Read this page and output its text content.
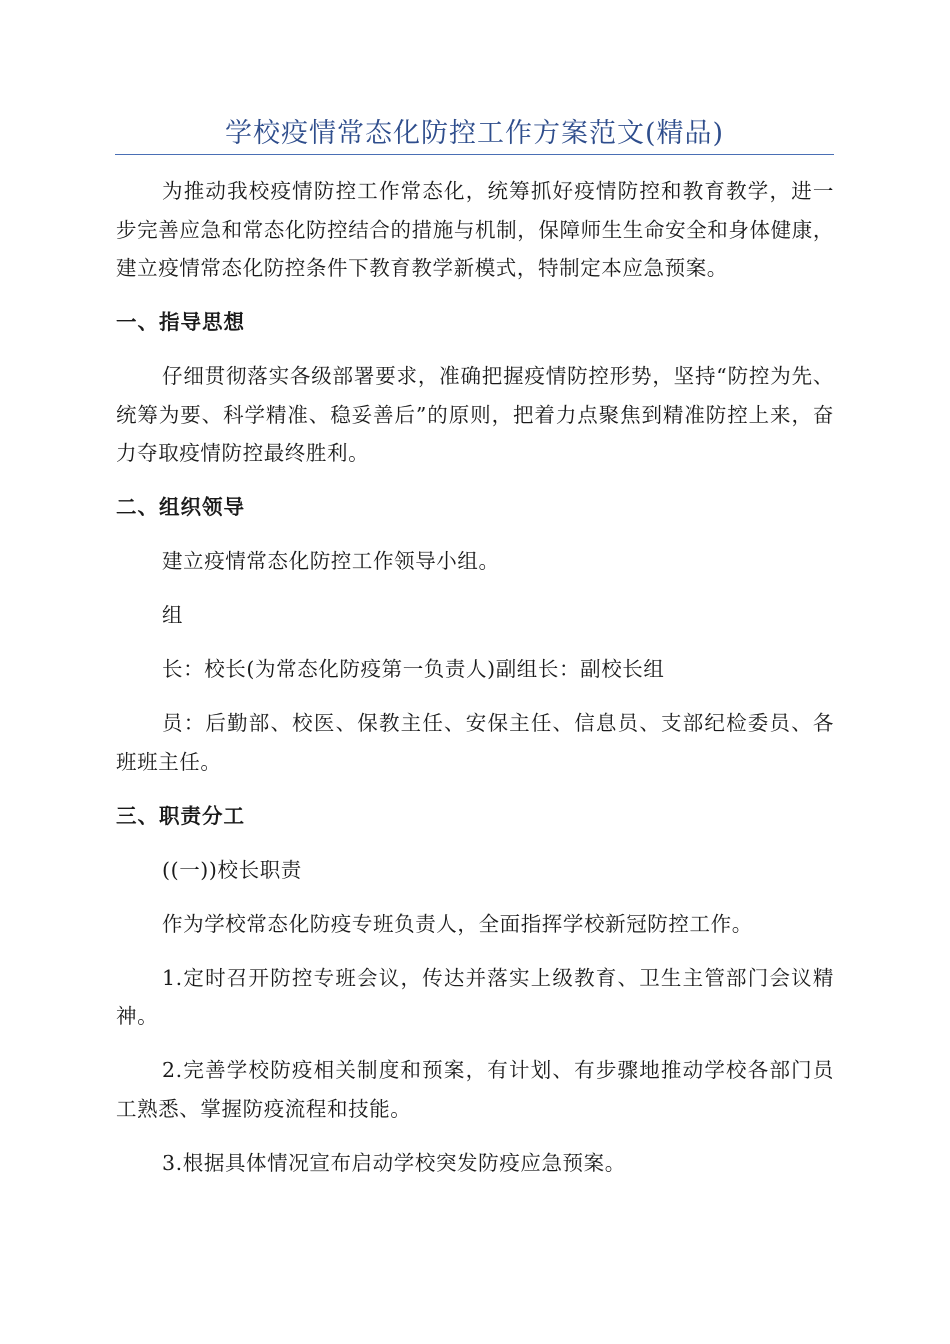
学校疫情常态化防控工作方案范文(精品)

为推动我校疫情防控工作常态化，统筹抓好疫情防控和教育教学，进一步完善应急和常态化防控结合的措施与机制，保障师生生命安全和身体健康，建立疫情常态化防控条件下教育教学新模式，特制定本应急预案。

一、指导思想

仔细贯彻落实各级部署要求，准确把握疫情防控形势，坚持“防控为先、统筹为要、科学精准、稳妥善后”的原则，把着力点聚焦到精准防控上来，奋力夺取疫情防控最终胜利。

二、组织领导

建立疫情常态化防控工作领导小组。

组

长：校长(为常态化防疫第一负责人)副组长：副校长组

员：后勤部、校医、保教主任、安保主任、信息员、支部纪检委员、各班班主任。

三、职责分工

((一))校长职责

作为学校常态化防疫专班负责人，全面指挥学校新冠防控工作。

1.定时召开防控专班会议，传达并落实上级教育、卫生主管部门会议精神。

2.完善学校防疫相关制度和预案，有计划、有步骤地推动学校各部门员工熟悉、掌握防疫流程和技能。

3.根据具体情况宣布启动学校突发防疫应急预案。
